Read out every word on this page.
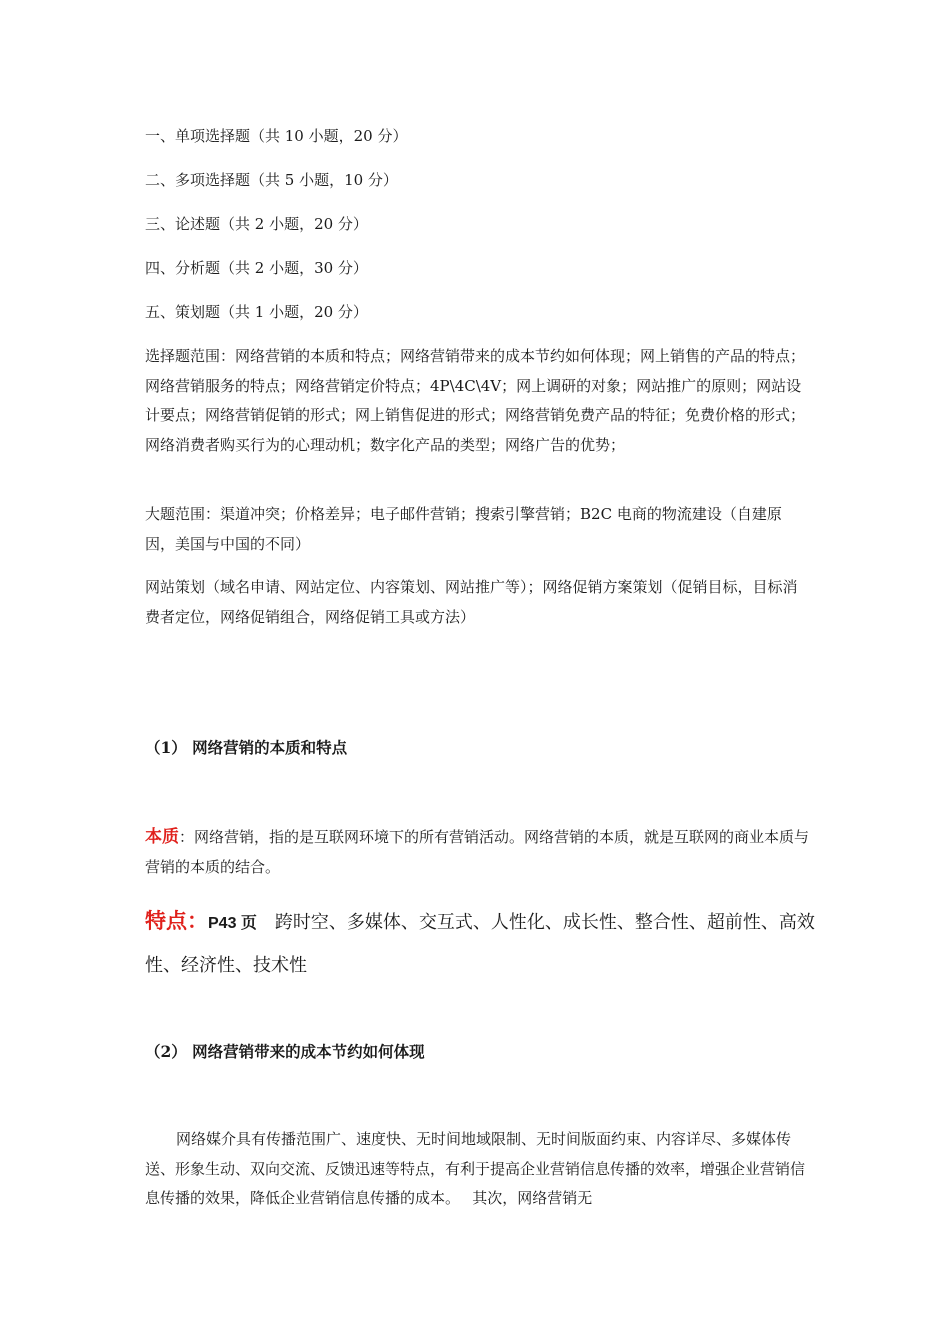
一、单项选择题（共 10 小题，20 分）

二、多项选择题（共 5 小题，10 分）

三、论述题（共 2 小题，20 分）

四、分析题（共 2 小题，30 分）

五、策划题（共 1 小题，20 分）

选择题范围：网络营销的本质和特点；网络营销带来的成本节约如何体现；网上销售的产品的特点；网络营销服务的特点；网络营销定价特点；4P\4C\4V；网上调研的对象；网站推广的原则；网站设计要点；网络营销促销的形式；网上销售促进的形式；网络营销免费产品的特征；免费价格的形式；网络消费者购买行为的心理动机；数字化产品的类型；网络广告的优势；

大题范围：渠道冲突；价格差异；电子邮件营销；搜索引擎营销；B2C 电商的物流建设（自建原因，美国与中国的不同）

网站策划（域名申请、网站定位、内容策划、网站推广等）；网络促销方案策划（促销目标，目标消费者定位，网络促销组合，网络促销工具或方法）

（1） 网络营销的本质和特点

本质：网络营销，指的是互联网环境下的所有营销活动。网络营销的本质，就是互联网的商业本质与营销的本质的结合。

特点：P43 页　跨时空、多媒体、交互式、人性化、成长性、整合性、超前性、高效性、经济性、技术性

（2） 网络营销带来的成本节约如何体现

网络媒介具有传播范围广、速度快、无时间地域限制、无时间版面约束、内容详尽、多媒体传送、形象生动、双向交流、反馈迅速等特点，有利于提高企业营销信息传播的效率，增强企业营销信息传播的效果，降低企业营销信息传播的成本。　 其次，网络营销无
